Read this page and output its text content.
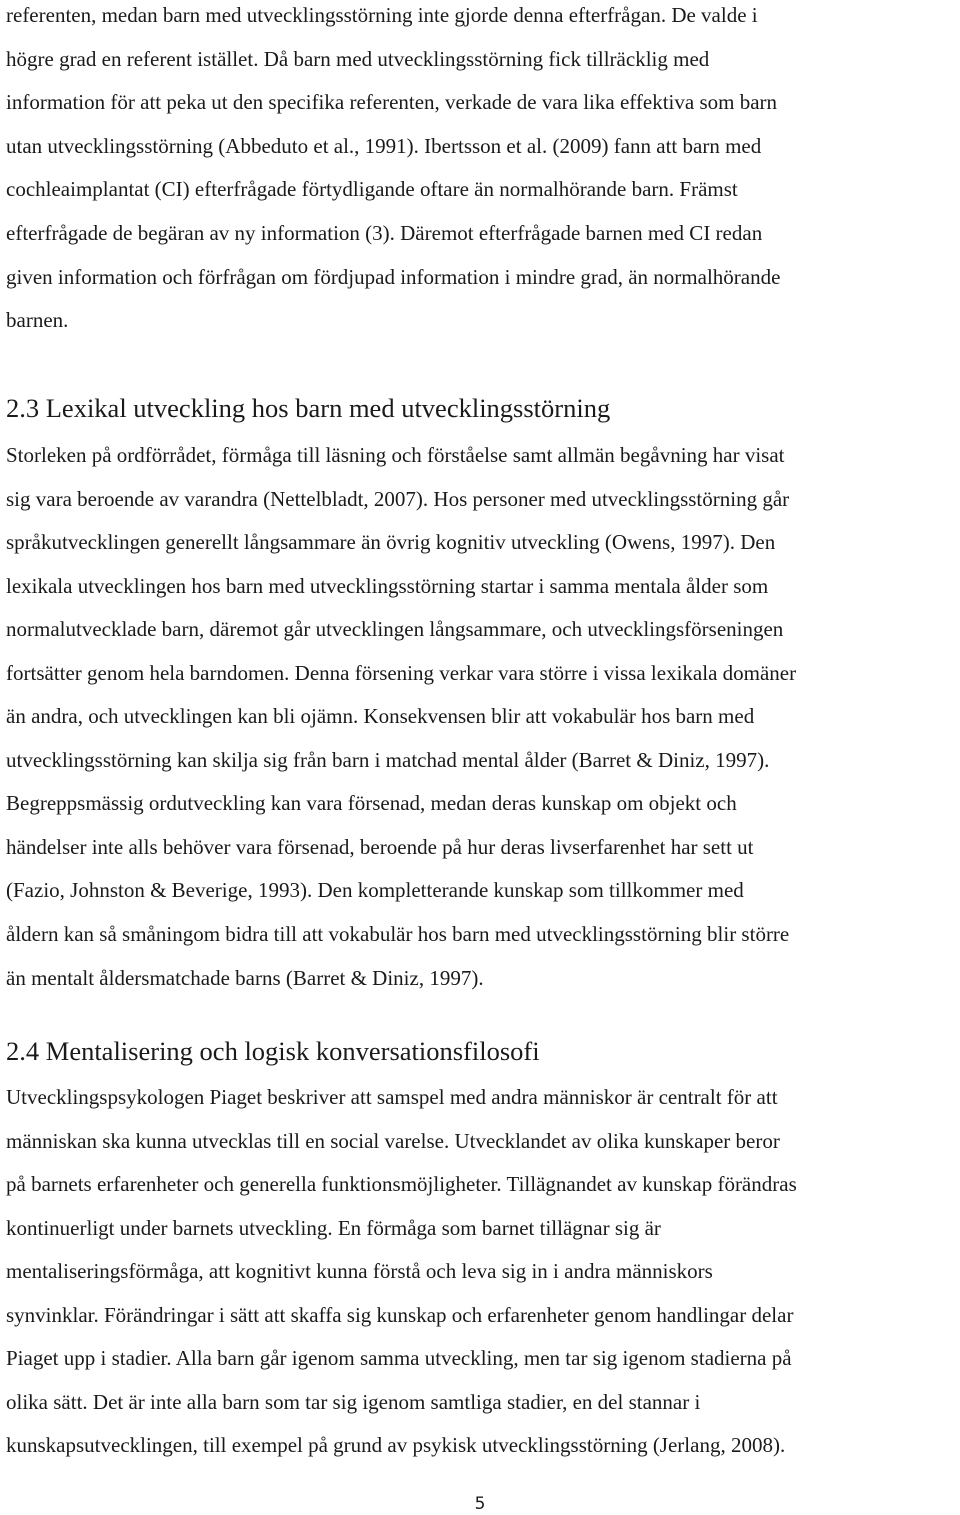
referenten, medan barn med utvecklingsstörning inte gjorde denna efterfrågan. De valde i
högre grad en referent istället. Då barn med utvecklingsstörning fick tillräcklig med
information för att peka ut den specifika referenten, verkade de vara lika effektiva som barn
utan utvecklingsstörning (Abbeduto et al., 1991). Ibertsson et al. (2009) fann att barn med
cochleaimplantat (CI) efterfrågade förtydligande oftare än normalhörande barn. Främst
efterfrågade de begäran av ny information (3). Däremot efterfrågade barnen med CI redan
given information och förfrågan om fördjupad information i mindre grad, än normalhörande
barnen.
2.3 Lexikal utveckling hos barn med utvecklingsstörning
Storleken på ordförrådet, förmåga till läsning och förståelse samt allmän begåvning har visat
sig vara beroende av varandra (Nettelbladt, 2007). Hos personer med utvecklingsstörning går
språkutvecklingen generellt långsammare än övrig kognitiv utveckling (Owens, 1997). Den
lexikala utvecklingen hos barn med utvecklingsstörning startar i samma mentala ålder som
normalutvecklade barn, däremot går utvecklingen långsammare, och utvecklingsförseningen
fortsätter genom hela barndomen. Denna försening verkar vara större i vissa lexikala domäner
än andra, och utvecklingen kan bli ojämn. Konsekvensen blir att vokabulär hos barn med
utvecklingsstörning kan skilja sig från barn i matchad mental ålder (Barret & Diniz, 1997).
Begreppsmässig ordutveckling kan vara försenad, medan deras kunskap om objekt och
händelser inte alls behöver vara försenad, beroende på hur deras livserfarenhet har sett ut
(Fazio, Johnston & Beverige, 1993). Den kompletterande kunskap som tillkommer med
åldern kan så småningom bidra till att vokabulär hos barn med utvecklingsstörning blir större
än mentalt åldersmatchade barns (Barret & Diniz, 1997).
2.4 Mentalisering och logisk konversationsfilosofi
Utvecklingspsykologen Piaget beskriver att samspel med andra människor är centralt för att
människan ska kunna utvecklas till en social varelse. Utvecklandet av olika kunskaper beror
på barnets erfarenheter och generella funktionsmöjligheter. Tillägnandet av kunskap förändras
kontinuerligt under barnets utveckling. En förmåga som barnet tillägnar sig är
mentaliseringsförmåga, att kognitivt kunna förstå och leva sig in i andra människors
synvinklar. Förändringar i sätt att skaffa sig kunskap och erfarenheter genom handlingar delar
Piaget upp i stadier. Alla barn går igenom samma utveckling, men tar sig igenom stadierna på
olika sätt. Det är inte alla barn som tar sig igenom samtliga stadier, en del stannar i
kunskapsutvecklingen, till exempel på grund av psykisk utvecklingsstörning (Jerlang, 2008).
5
